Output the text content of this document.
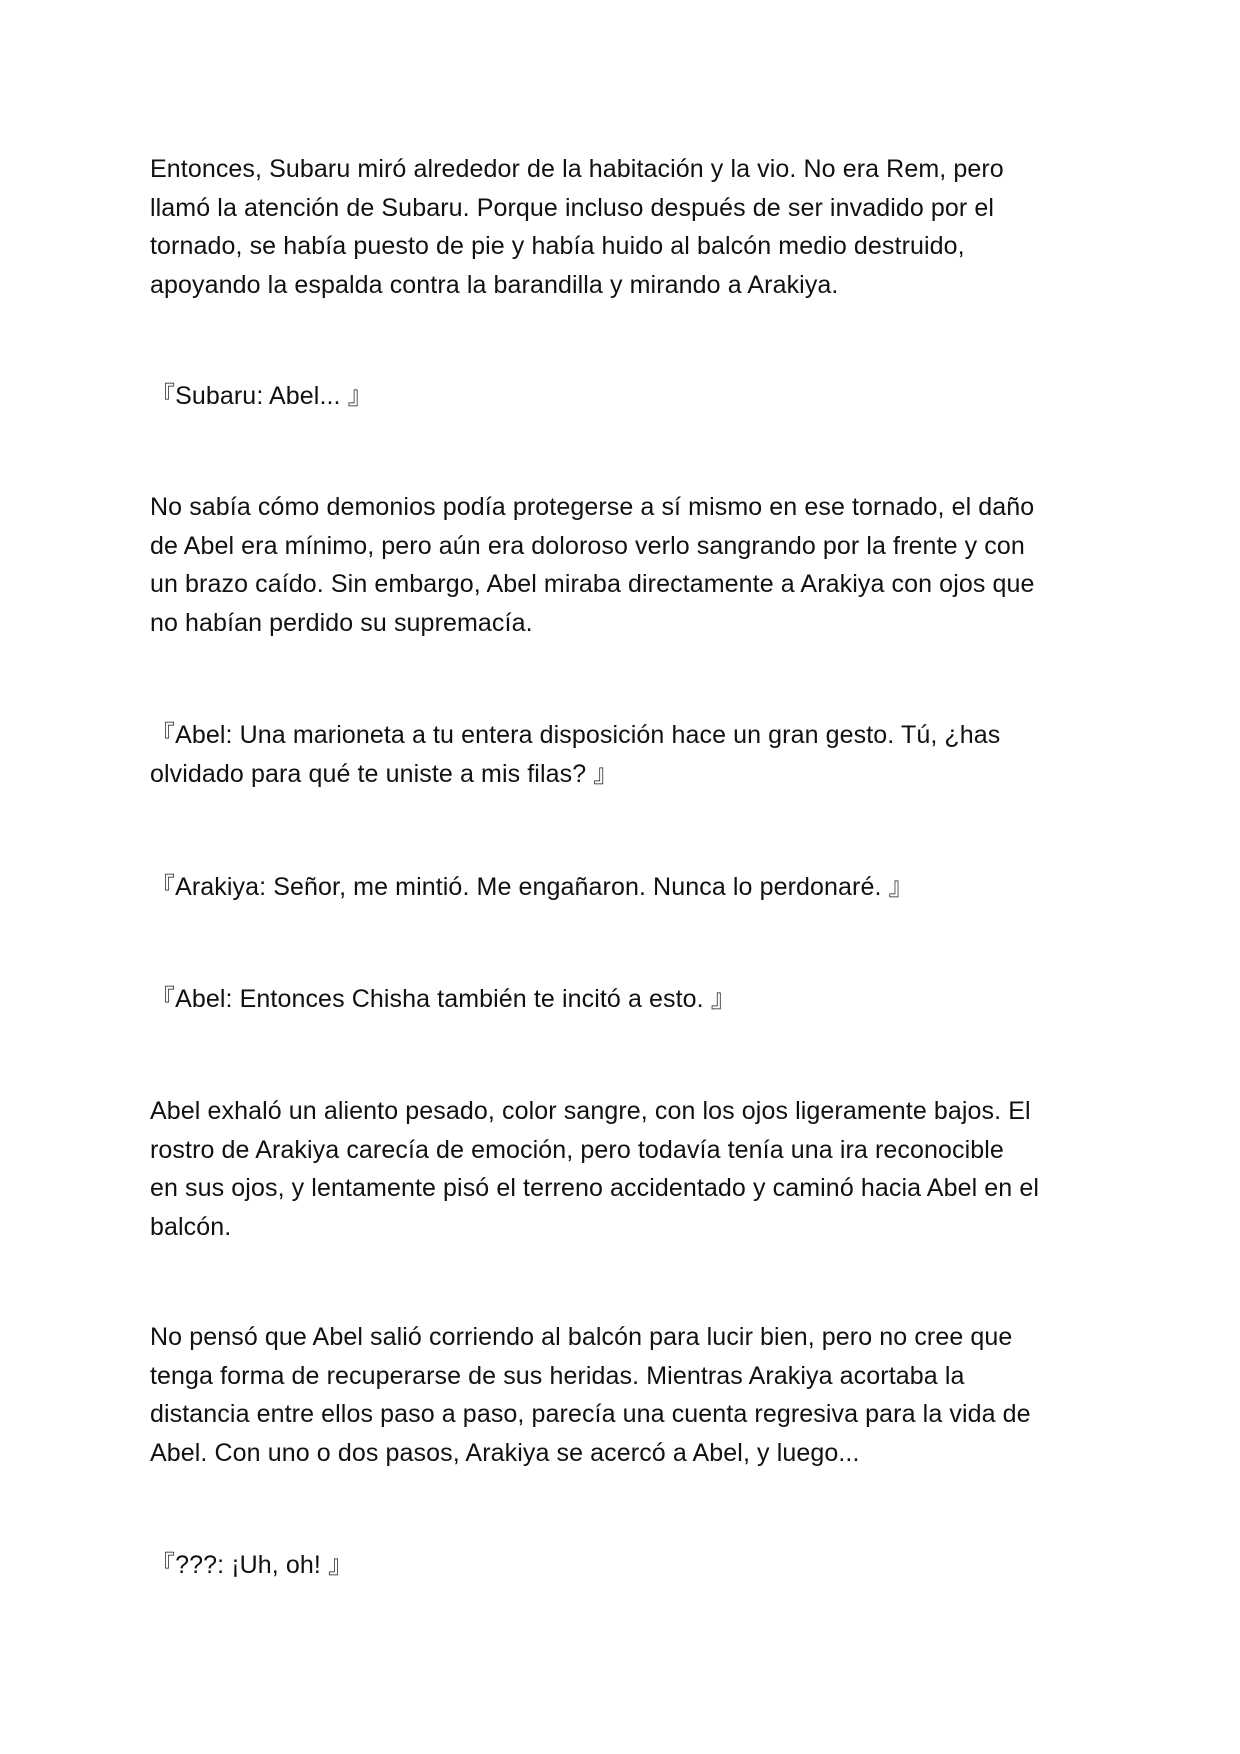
Entonces, Subaru miró alrededor de la habitación y la vio. No era Rem, pero
llamó la atención de Subaru. Porque incluso después de ser invadido por el
tornado, se había puesto de pie y había huido al balcón medio destruido,
apoyando la espalda contra la barandilla y mirando a Arakiya.

『Subaru: Abel... 』

No sabía cómo demonios podía protegerse a sí mismo en ese tornado, el daño
de Abel era mínimo, pero aún era doloroso verlo sangrando por la frente y con
un brazo caído. Sin embargo, Abel miraba directamente a Arakiya con ojos que
no habían perdido su supremacía.

『Abel: Una marioneta a tu entera disposición hace un gran gesto. Tú, ¿has
olvidado para qué te uniste a mis filas? 』

『Arakiya: Señor, me mintió. Me engañaron. Nunca lo perdonaré. 』

『Abel: Entonces Chisha también te incitó a esto. 』

Abel exhaló un aliento pesado, color sangre, con los ojos ligeramente bajos. El
rostro de Arakiya carecía de emoción, pero todavía tenía una ira reconocible
en sus ojos, y lentamente pisó el terreno accidentado y caminó hacia Abel en el
balcón.

No pensó que Abel salió corriendo al balcón para lucir bien, pero no cree que
tenga forma de recuperarse de sus heridas. Mientras Arakiya acortaba la
distancia entre ellos paso a paso, parecía una cuenta regresiva para la vida de
Abel. Con uno o dos pasos, Arakiya se acercó a Abel, y luego...

『???: ¡Uh, oh! 』
